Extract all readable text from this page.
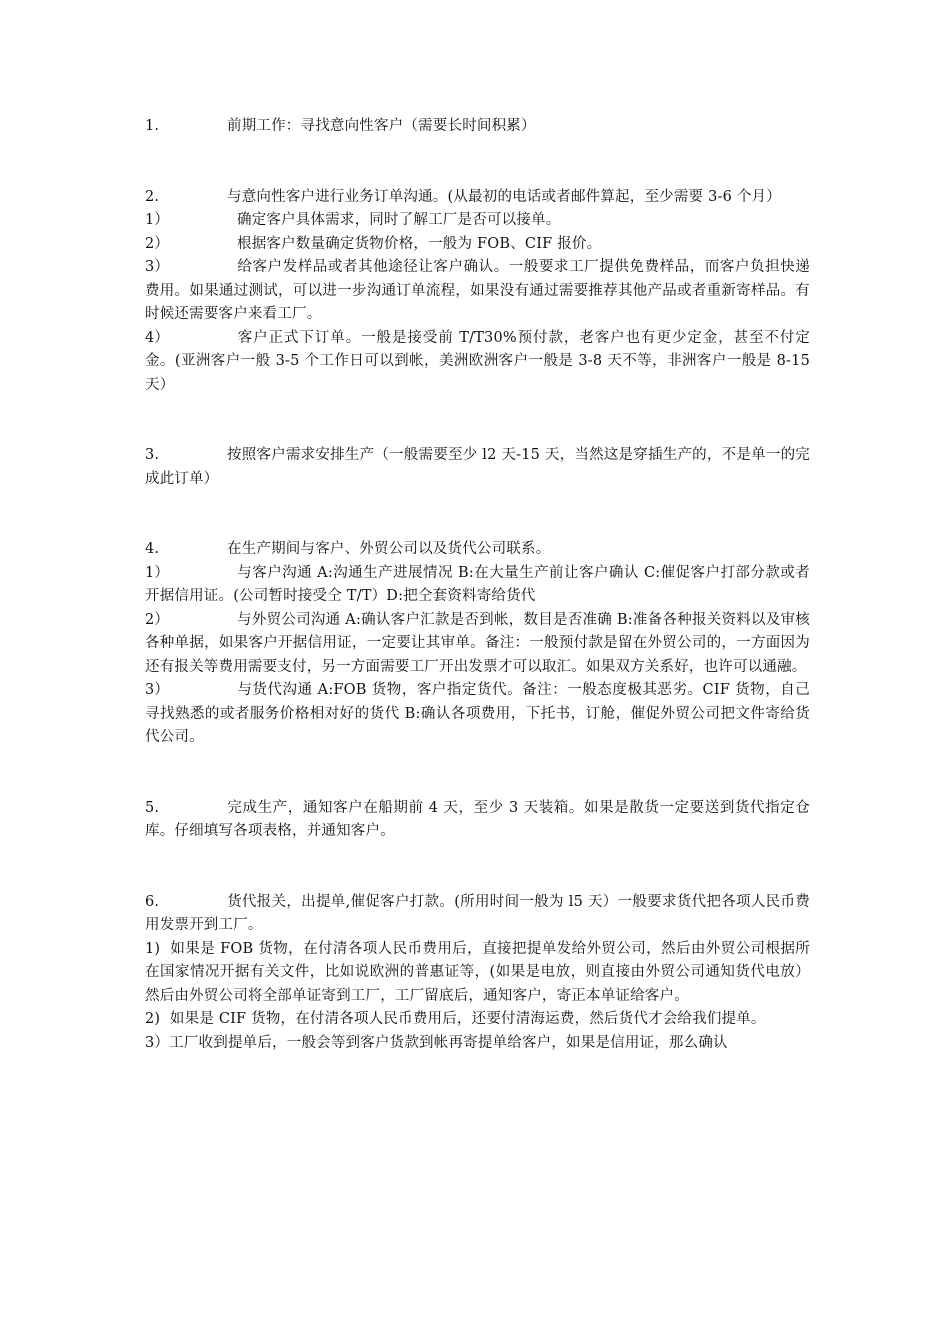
1.	前期工作：寻找意向性客户（需要长时间积累）

2.	与意向性客户进行业务订单沟通。(从最初的电话或者邮件算起，至少需要 3-6 个月）

1）	确定客户具体需求，同时了解工厂是否可以接单。

2）	根据客户数量确定货物价格，一般为 FOB、CIF 报价。

3）	给客户发样品或者其他途径让客户确认。一般要求工厂提供免费样品，而客户负担快递费用。如果通过测试，可以进一步沟通订单流程，如果没有通过需要推荐其他产品或者重新寄样品。有时候还需要客户来看工厂。

4）	客户正式下订单。一般是接受前 T/T30%预付款，老客户也有更少定金，甚至不付定金。(亚洲客户一般 3-5 个工作日可以到帐，美洲欧洲客户一般是 3-8 天不等，非洲客户一般是 8-15 天）

3.	按照客户需求安排生产（一般需要至少 l2 天-15 天，当然这是穿插生产的，不是单一的完成此订单）

4.	在生产期间与客户、外贸公司以及货代公司联系。

1）	与客户沟通 A:沟通生产进展情况 B:在大量生产前让客户确认 C:催促客户打部分款或者开据信用证。(公司暂时接受仝 T/T）D:把仝套资料寄给货代

2）	与外贸公司沟通 A:确认客户汇款是否到帐，数目是否准确 B:准备各种报关资料以及审核各种单据，如果客户开据信用证，一定要让其审单。备注：一般预付款是留在外贸公司的，一方面因为还有报关等费用需要支付，另一方面需要工厂开出发票才可以取汇。如果双方关系好，也许可以通融。

3）	与货代沟通 A:FOB 货物，客户指定货代。备注：一般态度极其恶劣。CIF 货物，自己寻找熟悉的或者服务价格相对好的货代 B:确认各项费用，下托书，订舱，催促外贸公司把文件寄给货代公司。

5.	完成生产，通知客户在船期前 4 天，至少 3 天装箱。如果是散货一定要送到货代指定仓库。仔细填写各项表格，并通知客户。

6.	货代报关，出提单,催促客户打款。(所用时间一般为 l5 天）一般要求货代把各项人民币费用发票开到工厂。

1) 如果是 FOB 货物，在付清各项人民币费用后，直接把提单发给外贸公司，然后由外贸公司根据所在国家情况开据有关文件，比如说欧洲的普惠证等，(如果是电放，则直接由外贸公司通知货代电放）然后由外贸公司将全部单证寄到工厂，工厂留底后，通知客户，寄正本单证给客户。

2) 如果是 CIF 货物，在付清各项人民币费用后，还要付清海运费，然后货代才会给我们提单。

3）工厂收到提单后，一般会等到客户货款到帐再寄提单给客户，如果是信用证，那么确认
